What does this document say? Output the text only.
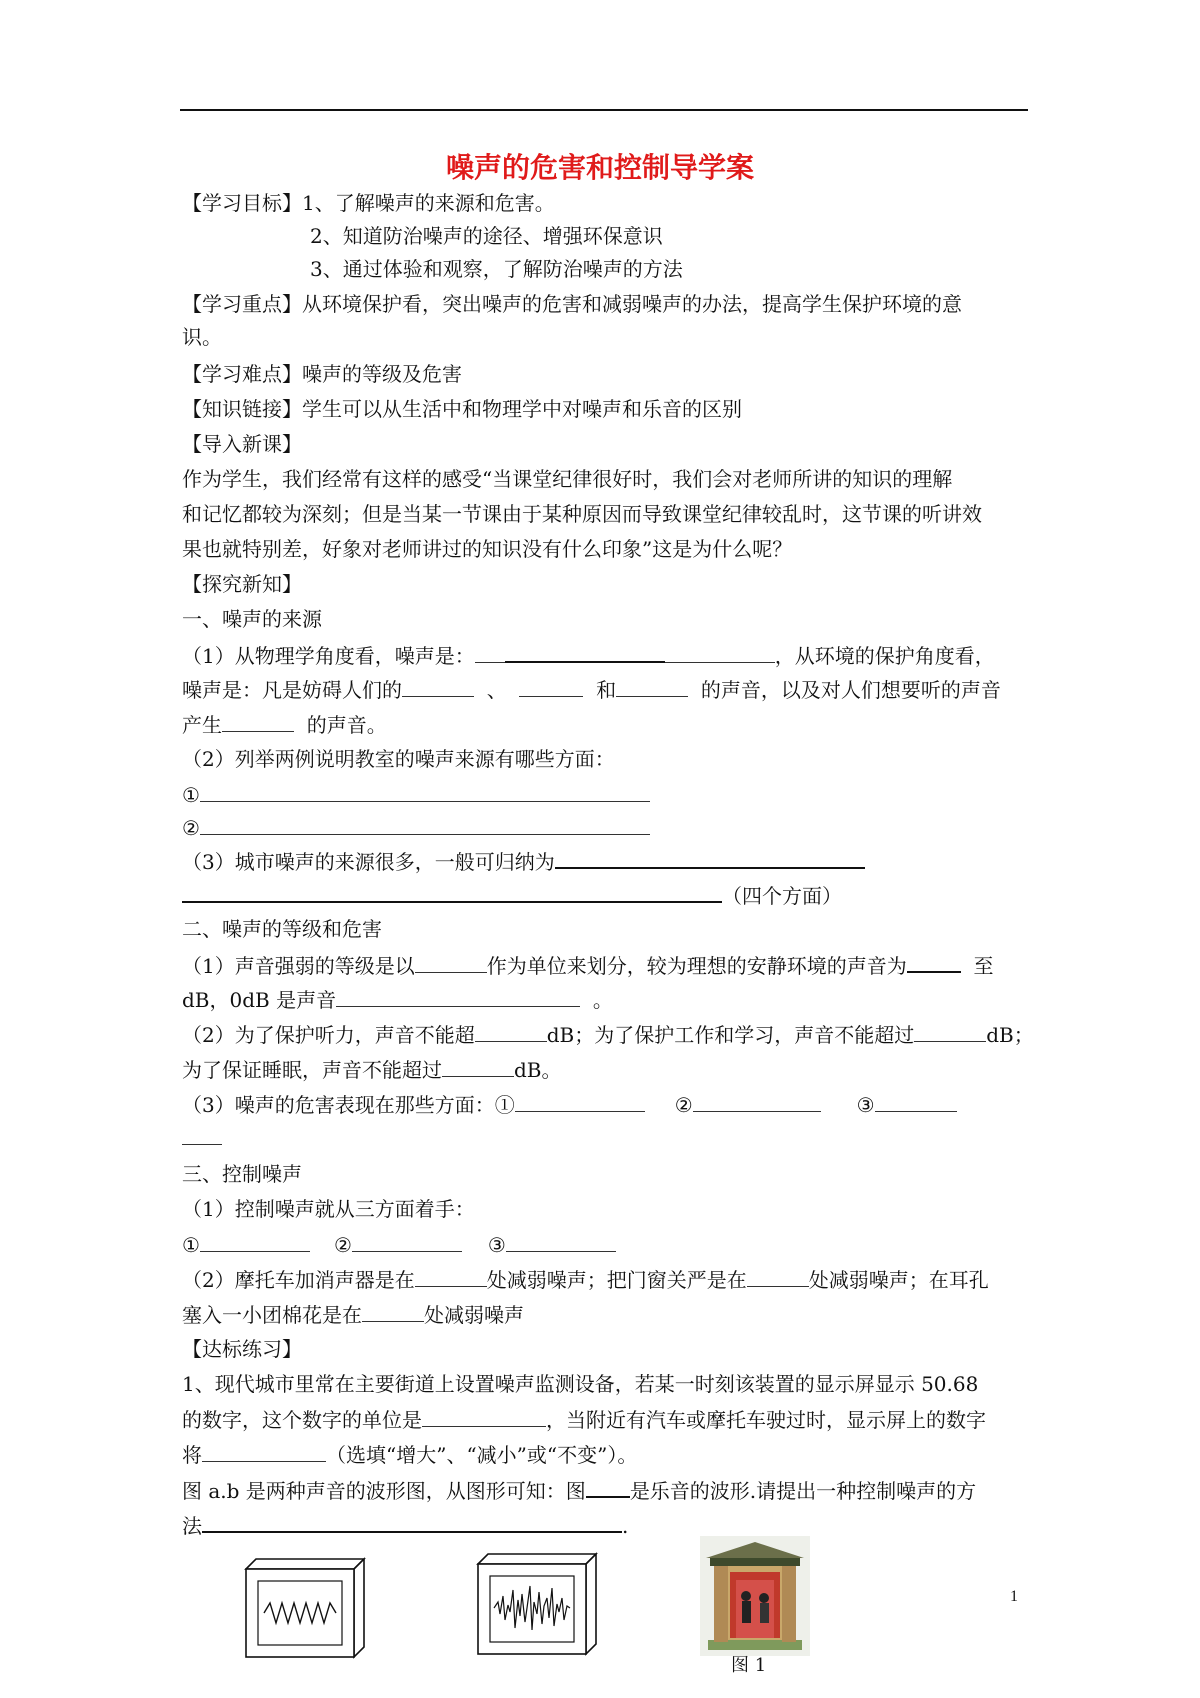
噪声的危害和控制导学案
【学习目标】1、了解噪声的来源和危害。
2、知道防治噪声的途径、增强环保意识
3、通过体验和观察，了解防治噪声的方法
【学习重点】从环境保护看，突出噪声的危害和减弱噪声的办法，提高学生保护环境的意
识。
【学习难点】噪声的等级及危害
【知识链接】学生可以从生活中和物理学中对噪声和乐音的区别
【导入新课】
作为学生，我们经常有这样的感受“当课堂纪律很好时，我们会对老师所讲的知识的理解
和记忆都较为深刻；但是当某一节课由于某种原因而导致课堂纪律较乱时，这节课的听讲效
果也就特别差，好象对老师讲过的知识没有什么印象”这是为什么呢？
【探究新知】
一、噪声的来源
（1）从物理学角度看，噪声是：	，从环境的保护角度看，
噪声是：凡是妨碍人们的	、	和	的声音，以及对人们想要听的声音
产生	的声音。
（2）列举两例说明教室的噪声来源有哪些方面：
①
②
（3）城市噪声的来源很多，一般可归纳为
（四个方面）
二、噪声的等级和危害
（1）声音强弱的等级是以	作为单位来划分，较为理想的安静环境的声音为	至
dB，0dB 是声音	。
（2）为了保护听力，声音不能超	dB；为了保护工作和学习，声音不能超过	dB；
为了保证睡眠，声音不能超过	dB。
（3）噪声的危害表现在那些方面：①	②	③
三、控制噪声
（1）控制噪声就从三方面着手：
①	②	③
（2）摩托车加消声器是在	处减弱噪声；把门窗关严是在	处减弱噪声；在耳孔
塞入一小团棉花是在	处减弱噪声
【达标练习】
1、现代城市里常在主要街道上设置噪声监测设备，若某一时刻该装置的显示屏显示 50.68
的数字，这个数字的单位是	，当附近有汽车或摩托车驶过时，显示屏上的数字
将	（选填“增大”、“减小”或“不变”）。
图 a.b 是两种声音的波形图，从图形可知：图 是乐音的波形.请提出一种控制噪声的方
法	.
1
图 1
